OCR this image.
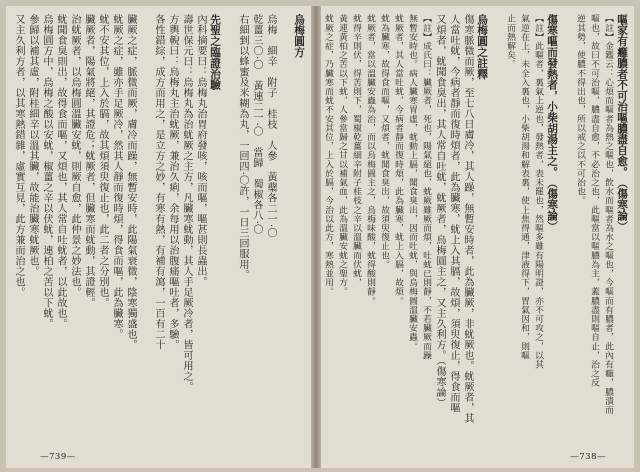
烏梅圓方
烏梅　細辛　附子　桂枝　人參　黃蘗各二一·〇
乾薑三〇·〇　黃連二一·〇　當歸　蜀椒各八·〇
右細剉以蜂蜜及米糊為丸，一回四·〇許，一日三回服用。
先聖之臨證治驗
內科摘要曰：烏梅丸治胃府發咳，咳而嘔，嘔甚則長蟲出。
壽世保元曰：烏梅丸為治蚘厥之主方，凡臟寒蚘動，其人手足厥冷者，皆可用之。
方輿輗曰：烏梅丸主治蚘厥，兼治久痢，余每用以治腹痛嘔吐者，多驗。
各性錯綜，成方而用之，是立方之妙，有寒有熱，有補有瀉，一百有二十
臟厥之症，脈微而厥，膚冷而躁，無暫安時，此陽氣衰微，陰寒獨盛也。
蚘厥之症，雖亦手足厥冷，然其人靜而復時煩，得食而嘔，此為臟寒。
蚘不安其位，上入於膈，故其煩須臾復止也，此二者之分別也。
臟厥者，陽氣將絕，其證危；蚘厥者，但臟寒而蚘動，其證輕。
治蚘厥者，以烏梅圓溫臟安蚘，則厥自愈，此仲景之妙法也。
蚘聞食臭則出，故得食而嘔，又煩也，其人常自吐蚘者，以此故也。
烏梅圓方中，烏梅之酸以安蚘，椒薑之辛以伏蚘，連柏之苦以下蚘。
參歸以補其虛，附桂細辛以溫其臟，故能治臟寒蚘厥也。
又主久利方者，以其寒熱錯雜，虛實互見，此方兼而治之也。
—739—
嘔家有癰膿者不可治嘔膿盡自愈。（傷寒論）
【註】金鑑云：心煩而嘔者為熱之嘔也，飲水而嘔者為水之嘔也，今嘔而有膿者，此內有癰，膿潰而
嘔也，故曰不可治嘔，膿盡自愈，不必治之也，此嘔當以嘔膿為主，蓋膿盡則嘔自止，治之反
逆其勢，使膿不得出也，所以戒之以不可治也。
傷寒嘔而發熱者，小柴胡湯主之。（傷寒論）
【註】此嘔者，裏氣上逆也，發熱者，表未罷也，然嘔多雖有陽明證，亦不可攻之，以其
氣逆在上，未全入裏也，小柴胡湯和解表裏，使上焦得通，津液得下，胃氣因和，則嘔
止而熱解矣。
烏梅圓之註釋
傷寒脈微而厥，至七八日膚冷，其人躁，無暫安時者，此為臟厥，非蚘厥也。蚘厥者，其
人當吐蚘，今病者靜而復時煩者，此為臟寒，蚘上入其膈，故煩，須臾復止，得食而嘔
又煩者，蚘聞食臭出，其人常自吐蚘，蚘厥者，烏梅圓主之，又主久利方。（傷寒論）
【註】成氏曰：臟厥者，死也，陽氣絕也，蚘厥雖厥而煩，吐蚘已則靜，不若臟厥而躁
無暫安時也。病人臟寒胃虛，蚘動上膈，聞食臭出，因而吐蚘，與烏梅圓溫臟安蟲。
蚘厥者，其人當吐蚘，今病者靜而復時煩，此為臟寒，蚘上入膈，故煩。
蚘為臟寒，故得食而嘔，又煩者，蚘聞食臭出，故須臾復止也。
蚘厥者，當以溫臟安蟲為治，而以烏梅圓主之，烏梅味酸，蚘得酸則靜。
蚘得辛則伏，得苦則下，蜀椒乾薑細辛附子桂枝之辛以溫臟而伏蚘，
黃連黃柏之苦以下蚘，人參當歸之甘以補氣血，此為溫臟安蚘之聖方。
蚘厥之症，乃臟寒而蚘不安其位，上入於膈，今治以此方，寒熱並用。
—738—
